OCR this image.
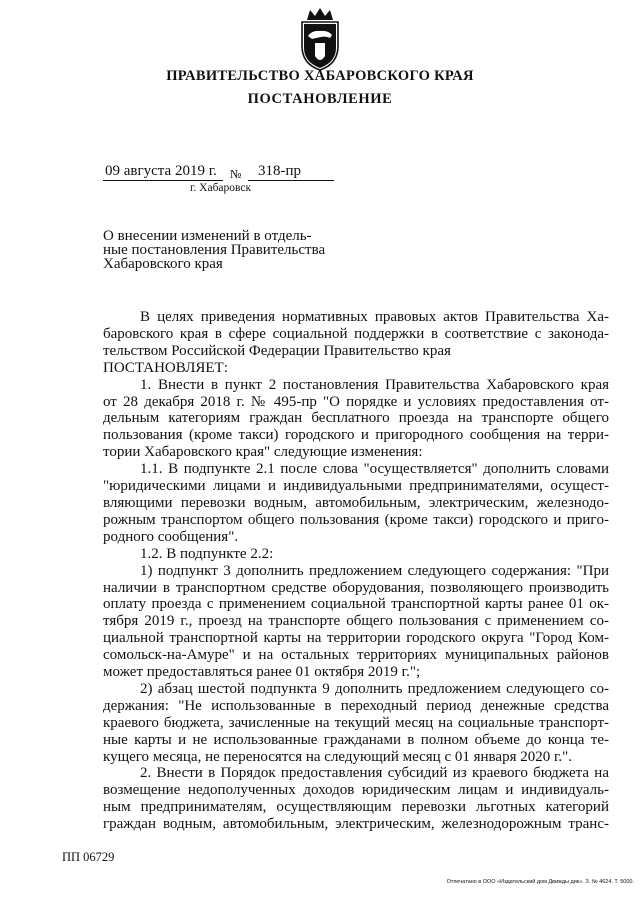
ПРАВИТЕЛЬСТВО ХАБАРОВСКОГО КРАЯ
ПОСТАНОВЛЕНИЕ
09 августа 2019 г.	№	318-пр
г. Хабаровск
О внесении изменений в отдель-
ные постановления Правительства
Хабаровского края
В целях приведения нормативных правовых актов Правительства Ха-
баровского края в сфере социальной поддержки в соответствие с законода-
тельством Российской Федерации Правительство края
ПОСТАНОВЛЯЕТ:
1. Внести в пункт 2 постановления Правительства Хабаровского края
от 28 декабря 2018 г. № 495-пр "О порядке и условиях предоставления от-
дельным категориям граждан бесплатного проезда на транспорте общего
пользования (кроме такси) городского и пригородного сообщения на терри-
тории Хабаровского края" следующие изменения:
1.1. В подпункте 2.1 после слова "осуществляется" дополнить словами
"юридическими лицами и индивидуальными предпринимателями, осущест-
вляющими перевозки водным, автомобильным, электрическим, железнодо-
рожным транспортом общего пользования (кроме такси) городского и пригo-
родного сообщения".
1.2. В подпункте 2.2:
1) подпункт 3 дополнить предложением следующего содержания: "При
наличии в транспортном средстве оборудования, позволяющего производить
оплату проезда с применением социальной транспортной карты ранее 01 ок-
тября 2019 г., проезд на транспорте общего пользования с применением со-
циальной транспортной карты на территории городского округа "Город Ком-
сомольск-на-Амуре" и на остальных территориях муниципальных районов
может предоставляться ранее 01 октября 2019 г.";
2) абзац шестой подпункта 9 дополнить предложением следующего со-
держания: "Не использованные в переходный период денежные средства
краевого бюджета, зачисленные на текущий месяц на социальные транспорт-
ные карты и не использованные гражданами в полном объеме до конца те-
кущего месяца, не переносятся на следующий месяц с 01 января 2020 г.".
2. Внести в Порядок предоставления субсидий из краевого бюджета на
возмещение недополученных доходов юридическим лицам и индивидуаль-
ным предпринимателям, осуществляющим перевозки льготных категорий
граждан водным, автомобильным, электрическим, железнодорожным транс-
ПП 06729
Отпечатано в ООО «Издательский дом Движды дик». З. № 4624. Т. 5000.
